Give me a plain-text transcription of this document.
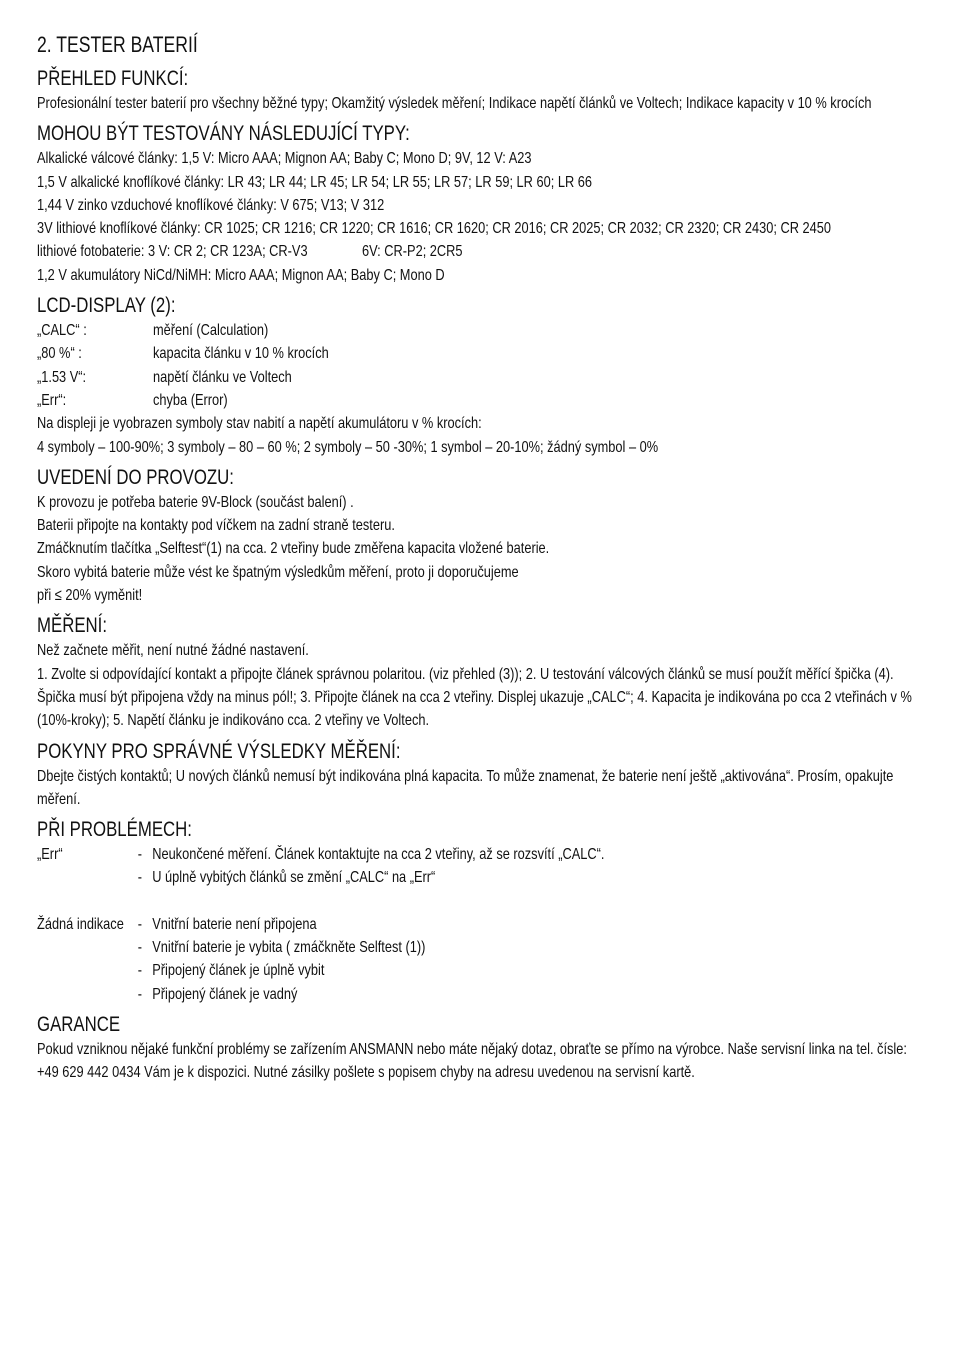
2. TESTER BATERIÍ
PŘEHLED FUNKCÍ:

Profesionální tester baterií pro všechny běžné typy; Okamžitý výsledek měření; Indikace napětí článků ve Voltech; Indikace kapacity v 10 % krocích

MOHOU BÝT TESTOVÁNY NÁSLEDUJÍCÍ TYPY:

Alkalické válcové články: 1,5 V: Micro AAA; Mignon AA; Baby C; Mono D; 9V, 12 V: A23

1,5 V alkalické knoflíkové články: LR 43; LR 44; LR 45; LR 54; LR 55; LR 57; LR 59; LR 60; LR 66

1,44 V zinko vzduchové knoflíkové články: V 675; V13; V 312

3V lithiové knoflíkové články: CR 1025; CR 1216; CR 1220; CR 1616; CR 1620; CR 2016; CR 2025; CR 2032; CR 2320; CR 2430; CR 2450

lithiové fotobaterie: 3 V: CR 2; CR 123A; CR-V3	6V: CR-P2; 2CR5

1,2 V akumulátory NiCd/NiMH: Micro AAA; Mignon AA; Baby C; Mono D

LCD-DISPLAY (2):
„CALC“ :	měření (Calculation)
„80 %“ :	kapacita článku v 10 % krocích
„1.53 V“:	napětí článku ve Voltech
„Err“:	chyba (Error)

Na displeji je vyobrazen symboly stav nabití a napětí akumulátoru v % krocích:

4 symboly – 100-90%; 3 symboly – 80 – 60 %; 2 symboly – 50 -30%; 1 symbol – 20-10%; žádný symbol – 0%

UVEDENÍ DO PROVOZU:

K provozu je potřeba baterie 9V-Block (součást balení) .

Baterii připojte na kontakty pod víčkem na zadní straně testeru.

Zmáčknutím tlačítka „Selftest“(1) na cca. 2 vteřiny bude změřena kapacita vložené baterie.

Skoro vybitá baterie může vést ke špatným výsledkům měření, proto ji doporučujeme

při ≤ 20% vyměnit!

MĚŘENÍ:

Než začnete měřit, není nutné žádné nastavení.

1. Zvolte si odpovídající kontakt a připojte článek správnou polaritou. (viz přehled (3)); 2. U testování válcových článků se musí použít měřící špička (4). Špička musí být připojena vždy na minus pól!; 3. Připojte článek na cca 2 vteřiny. Displej ukazuje „CALC“; 4. Kapacita je indikována po cca 2 vteřinách v % (10%-kroky); 5. Napětí článku je indikováno cca. 2 vteřiny ve Voltech.

POKYNY PRO SPRÁVNÉ VÝSLEDKY MĚŘENÍ:

Dbejte čistých kontaktů; U nových článků nemusí být indikována plná kapacita. To může znamenat, že baterie není ještě „aktivována“. Prosím, opakujte měření.

PŘI PROBLÉMECH:
„Err“	- Neukončené měření. Článek kontaktujte na cca 2 vteřiny, až se rozsvítí „CALC“.
- U úplně vybitých článků se změní „CALC“ na „Err“
Žádná indikace - Vnitřní baterie není připojena
- Vnitřní baterie je vybita ( zmáčkněte Selftest (1))
- Připojený článek je úplně vybit
- Připojený článek je vadný
GARANCE

Pokud vzniknou nějaké funkční problémy se zařízením ANSMANN nebo máte nějaký dotaz, obraťte se přímo na výrobce. Naše servisní linka na tel. čísle: +49 629 442 0434 Vám je k dispozici. Nutné zásilky pošlete s popisem chyby na adresu uvedenou na servisní kartě.
